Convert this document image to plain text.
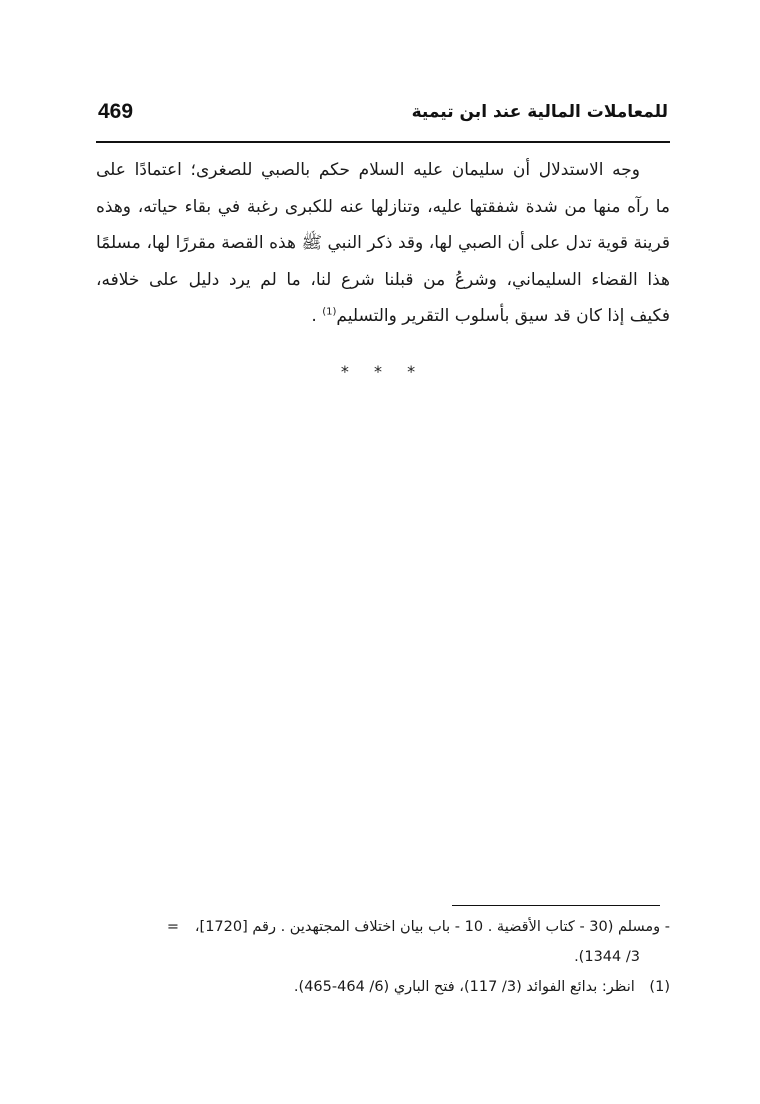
469	للمعاملات المالية عند ابن تيمية
وجه الاستدلال أن سليمان عليه السلام حكم بالصبي للصغرى؛ اعتمادًا على
ما رآه منها من شدة شفقتها عليه، وتنازلها عنه للكبرى رغبة في بقاء حياته، وهذه
قرينة قوية تدل على أن الصبي لها، وقد ذكر النبي ﷺ هذه القصة مقررًا لها، مسلمًا
هذا القضاء السليماني، وشرعُ من قبلنا شرع لنا، ما لم يرد دليل على خلافه،
فكيف إذا كان قد سيق بأسلوب التقرير والتسليم$^{(1)}$ .
* * *
- ومسلم (30 - كتاب الأقضية . 10 - باب بيان اختلاف المجتهدين . رقم [1720]،=
3/ 1344).
(1)  انظر: بدائع الفوائد (3/ 117)، فتح الباري (6/ 464-465).
